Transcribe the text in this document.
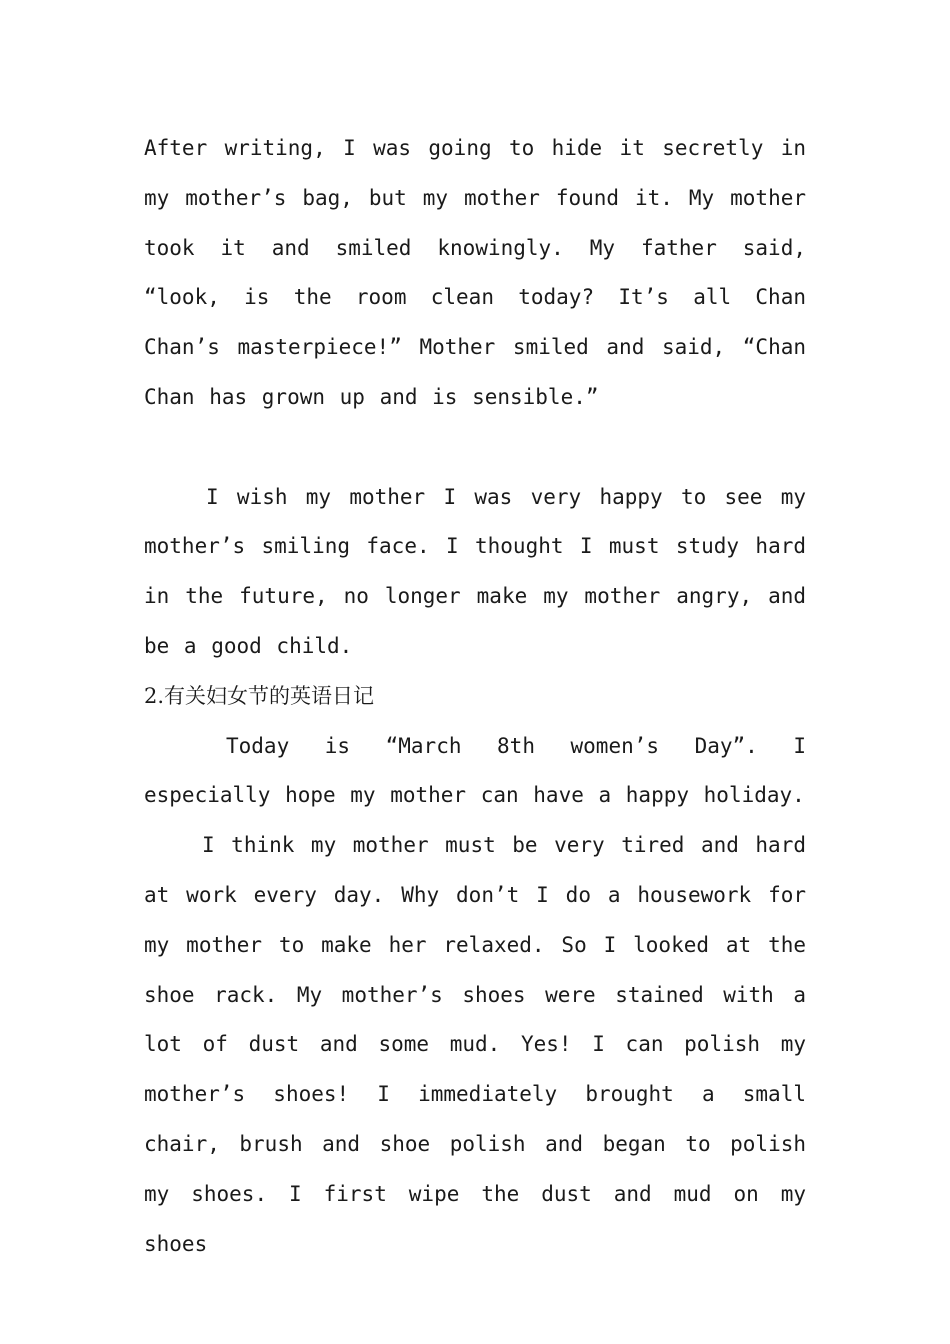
After writing, I was going to hide it secretly in my mother’s bag, but my mother found it. My mother took it and smiled knowingly. My father said, “look, is the room clean today? It’s all Chan Chan’s masterpiece!” Mother smiled and said, “Chan Chan has grown up and is sensible.”

I wish my mother I was very happy to see my mother’s smiling face. I thought I must study hard in the future, no longer make my mother angry, and be a good child.

2.有关妇女节的英语日记

Today is “March 8th women’s Day”. I especially hope my mother can have a happy holiday.

I think my mother must be very tired and hard at work every day. Why don’t I do a housework for my mother to make her relaxed. So I looked at the shoe rack. My mother’s shoes were stained with a lot of dust and some mud. Yes! I can polish my mother’s shoes! I immediately brought a small chair, brush and shoe polish and began to polish my shoes. I first wipe the dust and mud on my shoes
